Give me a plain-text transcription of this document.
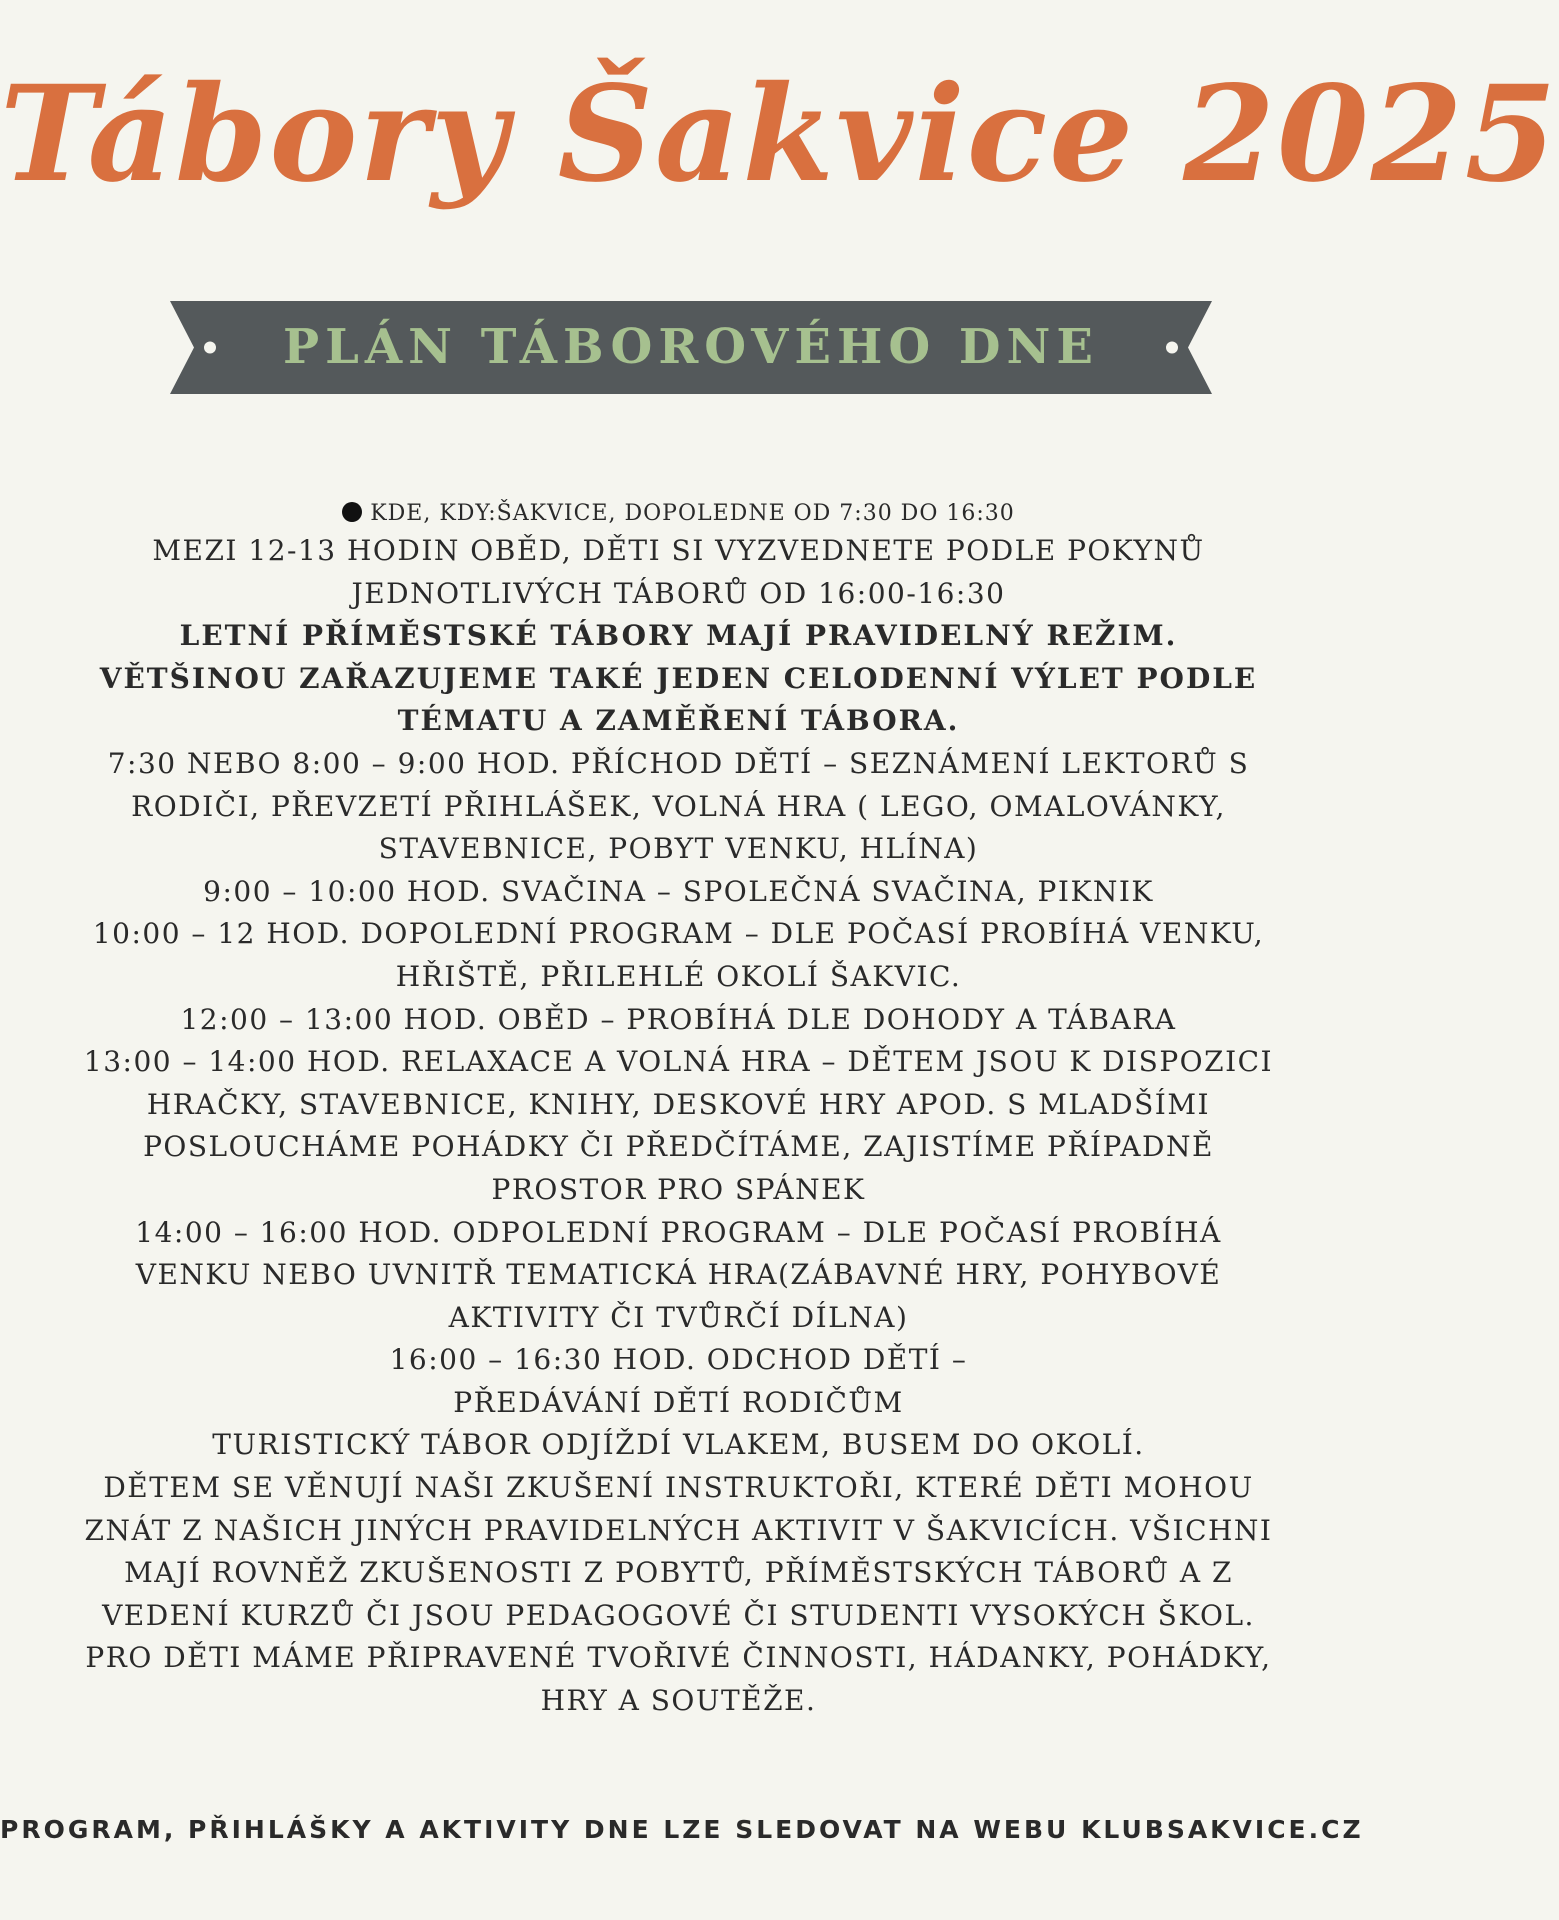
Tábory Šakvice 2025
PLÁN TÁBOROVÉHO DNE

KDE, KDY:ŠAKVICE, DOPOLEDNE OD 7:30 DO 16:30

MEZI 12-13 HODIN OBĚD, DĚTI SI VYZVEDNETE PODLE POKYNŮ JEDNOTLIVÝCH TÁBORŮ OD 16:00-16:30

LETNÍ PŘÍMĚSTSKÉ TÁBORY MAJÍ PRAVIDELNÝ REŽIM. VĚTŠINOU ZAŘAZUJEME TAKÉ JEDEN CELODENNÍ VÝLET PODLE TÉMATU A ZAMĚŘENÍ TÁBORA.

7:30 NEBO 8:00 – 9:00 HOD. PŘÍCHOD DĚTÍ – SEZNÁMENÍ LEKTORŮ S RODIČI, PŘEVZETÍ PŘIHLÁŠEK, VOLNÁ HRA ( LEGO, OMALOVÁNKY, STAVEBNICE, POBYT VENKU, HLÍNA)

9:00 – 10:00 HOD. SVAČINA – SPOLEČNÁ SVAČINA, PIKNIK

10:00 – 12 HOD. DOPOLEDNÍ PROGRAM – DLE POČASÍ PROBÍHÁ VENKU, HŘIŠTĚ, PŘILEHLÉ OKOLÍ ŠAKVIC.

12:00 – 13:00 HOD. OBĚD – PROBÍHÁ DLE DOHODY A TÁBARA

13:00 – 14:00 HOD. RELAXACE A VOLNÁ HRA – DĚTEM JSOU K DISPOZICI HRAČKY, STAVEBNICE, KNIHY, DESKOVÉ HRY APOD. S MLADŠÍMI POSLOUCHÁME POHÁDKY ČI PŘEDČÍTÁME, ZAJISTÍME PŘÍPADNĚ PROSTOR PRO SPÁNEK

14:00 – 16:00 HOD. ODPOLEDNÍ PROGRAM – DLE POČASÍ PROBÍHÁ VENKU NEBO UVNITŘ TEMATICKÁ HRA(ZÁBAVNÉ HRY, POHYBOVÉ AKTIVITY ČI TVŮRČÍ DÍLNA)

16:00 – 16:30 HOD. ODCHOD DĚTÍ –

PŘEDÁVÁNÍ DĚTÍ RODIČŮM

TURISTICKÝ TÁBOR ODJÍŽDÍ VLAKEM, BUSEM DO OKOLÍ.

DĚTEM SE VĚNUJÍ NAŠI ZKUŠENÍ INSTRUKTOŘI, KTERÉ DĚTI MOHOU ZNÁT Z NAŠICH JINÝCH PRAVIDELNÝCH AKTIVIT V ŠAKVICÍCH. VŠICHNI MAJÍ ROVNĚŽ ZKUŠENOSTI Z POBYTŮ, PŘÍMĚSTSKÝCH TÁBORŮ A Z VEDENÍ KURZŮ ČI JSOU PEDAGOGOVÉ ČI STUDENTI VYSOKÝCH ŠKOL. PRO DĚTI MÁME PŘIPRAVENÉ TVOŘIVÉ ČINNOSTI, HÁDANKY, POHÁDKY, HRY A SOUTĚŽE.

PROGRAM, PŘIHLÁŠKY A AKTIVITY DNE LZE SLEDOVAT NA WEBU KLUBSAKVICE.CZ
